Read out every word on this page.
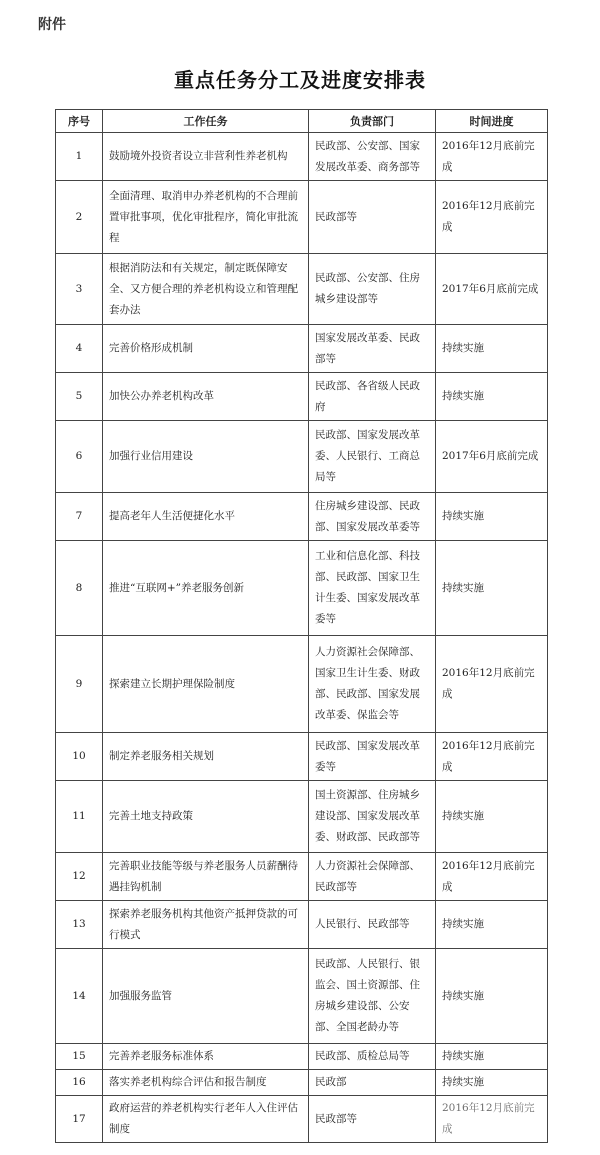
附件
重点任务分工及进度安排表
序号	工作任务	负责部门	时间进度
1	鼓励境外投资者设立非营利性养老机构	民政部、公安部、国家发展改革委、商务部等	2016年12月底前完成
2	全面清理、取消申办养老机构的不合理前置审批事项，优化审批程序，简化审批流程	民政部等	2016年12月底前完成
3	根据消防法和有关规定，制定既保障安全、又方便合理的养老机构设立和管理配套办法	民政部、公安部、住房城乡建设部等	2017年6月底前完成
4	完善价格形成机制	国家发展改革委、民政部等	持续实施
5	加快公办养老机构改革	民政部、各省级人民政府	持续实施
6	加强行业信用建设	民政部、国家发展改革委、人民银行、工商总局等	2017年6月底前完成
7	提高老年人生活便捷化水平	住房城乡建设部、民政部、国家发展改革委等	持续实施
8	推进“互联网+”养老服务创新	工业和信息化部、科技部、民政部、国家卫生计生委、国家发展改革委等	持续实施
9	探索建立长期护理保险制度	人力资源社会保障部、国家卫生计生委、财政部、民政部、国家发展改革委、保监会等	2016年12月底前完成
10	制定养老服务相关规划	民政部、国家发展改革委等	2016年12月底前完成
11	完善土地支持政策	国土资源部、住房城乡建设部、国家发展改革委、财政部、民政部等	持续实施
12	完善职业技能等级与养老服务人员薪酬待遇挂钩机制	人力资源社会保障部、民政部等	2016年12月底前完成
13	探索养老服务机构其他资产抵押贷款的可行模式	人民银行、民政部等	持续实施
14	加强服务监管	民政部、人民银行、银监会、国土资源部、住房城乡建设部、公安部、全国老龄办等	持续实施
15	完善养老服务标准体系	民政部、质检总局等	持续实施
16	落实养老机构综合评估和报告制度	民政部	持续实施
17	政府运营的养老机构实行老年人入住评估制度	民政部等	2016年12月底前完成
